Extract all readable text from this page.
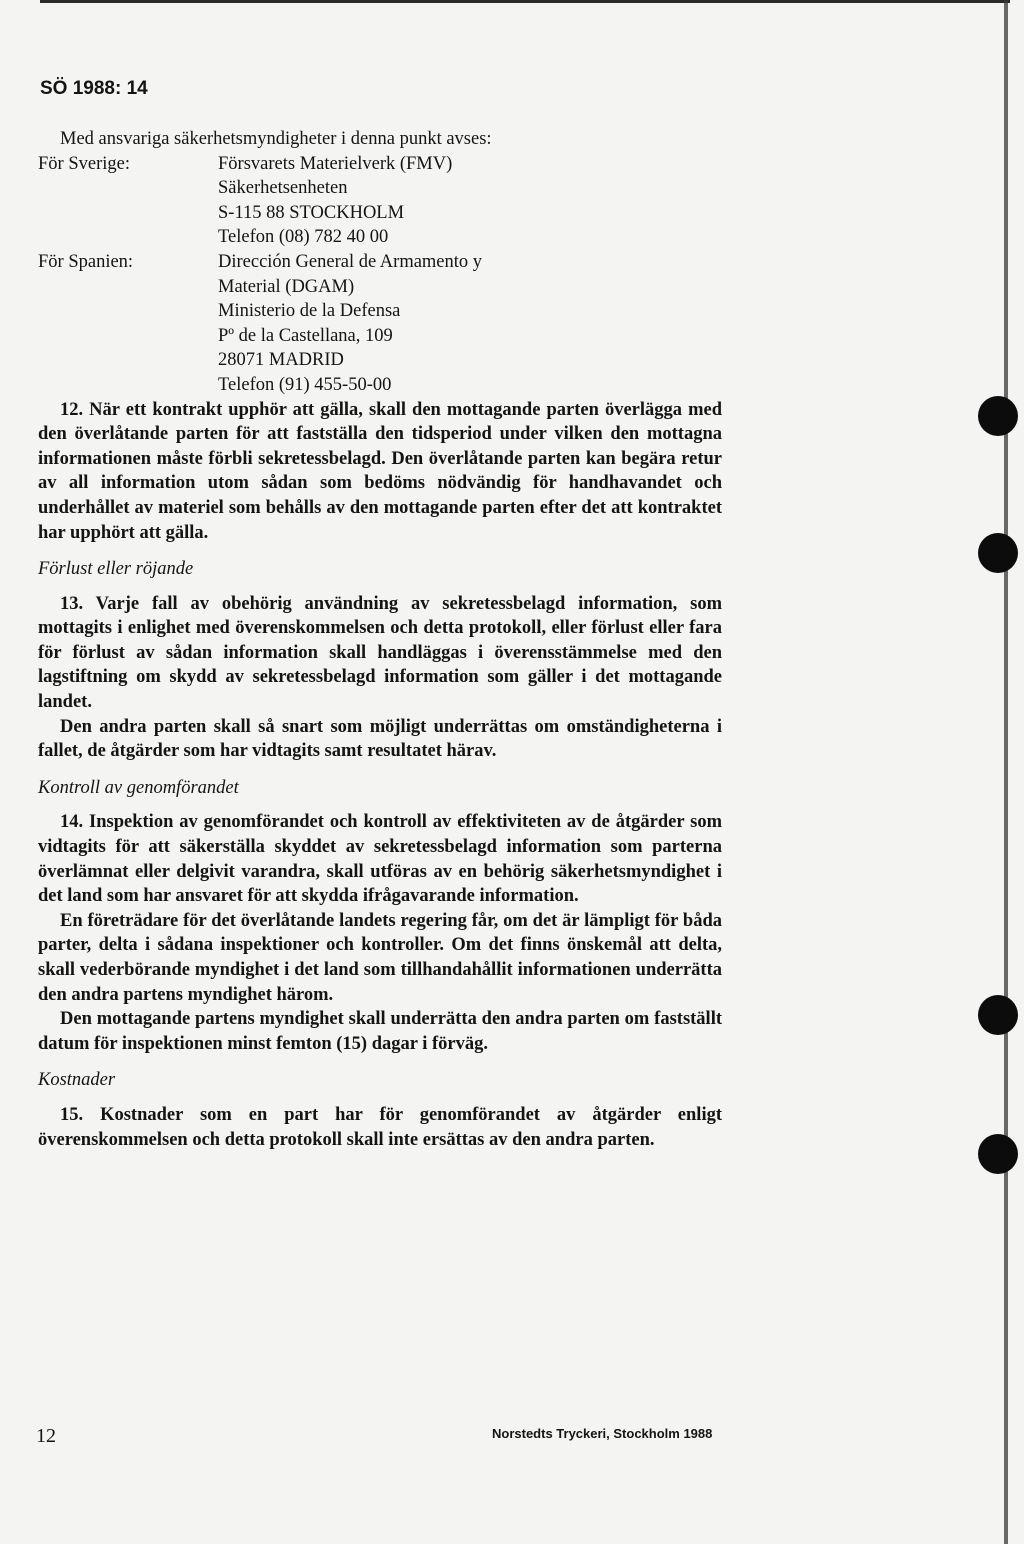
SÖ 1988: 14

Med ansvariga säkerhetsmyndigheter i denna punkt avses:

För Sverige:	Försvarets Materielverk (FMV)
Säkerhetsenheten
S-115 88 STOCKHOLM
Telefon (08) 782 40 00
För Spanien:	Dirección General de Armamento y
Material (DGAM)
Ministerio de la Defensa
Pº de la Castellana, 109
28071 MADRID
Telefon (91) 455-50-00

12. När ett kontrakt upphör att gälla, skall den mottagande parten överlägga med den överlåtande parten för att fastställa den tidsperiod under vilken den mottagna informationen måste förbli sekretessbelagd. Den överlåtande parten kan begära retur av all information utom sådan som bedöms nödvändig för handhavandet och underhållet av materiel som behålls av den mottagande parten efter det att kontraktet har upphört att gälla.

Förlust eller röjande

13. Varje fall av obehörig användning av sekretessbelagd information, som mottagits i enlighet med överenskommelsen och detta protokoll, eller förlust eller fara för förlust av sådan information skall handläggas i överensstämmelse med den lagstiftning om skydd av sekretessbelagd information som gäller i det mottagande landet.

Den andra parten skall så snart som möjligt underrättas om omständigheterna i fallet, de åtgärder som har vidtagits samt resultatet härav.

Kontroll av genomförandet

14. Inspektion av genomförandet och kontroll av effektiviteten av de åtgärder som vidtagits för att säkerställa skyddet av sekretessbelagd information som parterna överlämnat eller delgivit varandra, skall utföras av en behörig säkerhetsmyndighet i det land som har ansvaret för att skydda ifrågavarande information.

En företrädare för det överlåtande landets regering får, om det är lämpligt för båda parter, delta i sådana inspektioner och kontroller. Om det finns önskemål att delta, skall vederbörande myndighet i det land som tillhandahållit informationen underrätta den andra partens myndighet härom.

Den mottagande partens myndighet skall underrätta den andra parten om fastställt datum för inspektionen minst femton (15) dagar i förväg.

Kostnader

15. Kostnader som en part har för genomförandet av åtgärder enligt överenskommelsen och detta protokoll skall inte ersättas av den andra parten.

12	Norstedts Tryckeri, Stockholm 1988
